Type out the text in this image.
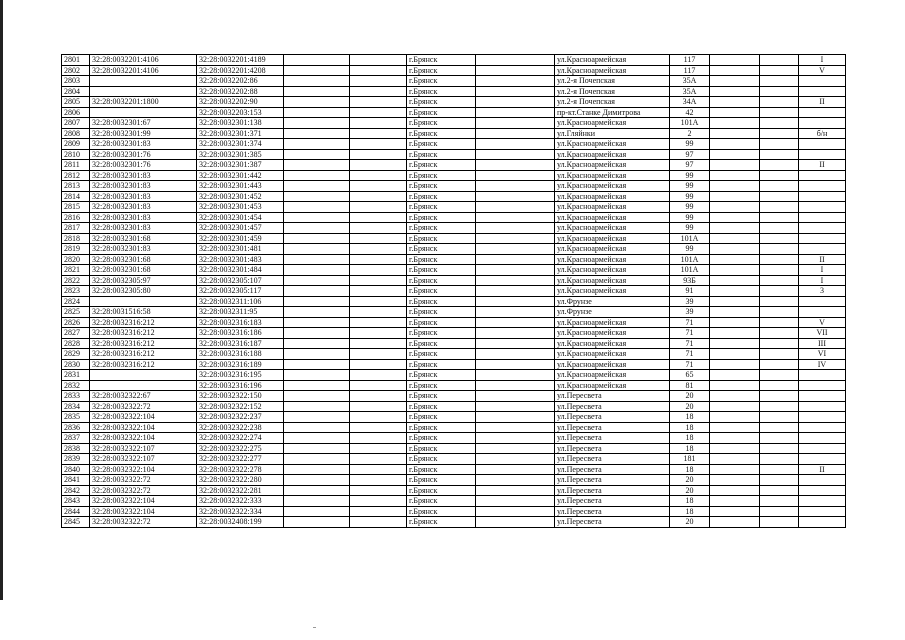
2801	32:28:0032201:4106	32:28:0032201:4189			г.Брянск		ул.Красноармейская	117			I
2802	32:28:0032201:4106	32:28:0032201:4208			г.Брянск		ул.Красноармейская	117			V
2803		32:28:0032202:86			г.Брянск		ул.2-я Почепская	35А			
2804		32:28:0032202:88			г.Брянск		ул.2-я Почепская	35А			
2805	32:28:0032201:1800	32:28:0032202:90			г.Брянск		ул.2-я Почепская	34А			II
2806		32:28:0032203:153			г.Брянск		пр-кт.Станке Димитрова	42			
2807	32:28:0032301:67	32:28:0032301:138			г.Брянск		ул.Красноармейская	101А			
2808	32:28:0032301:99	32:28:0032301:371			г.Брянск		ул.Гляйнки	2			б/н
2809	32:28:0032301:83	32:28:0032301:374			г.Брянск		ул.Красноармейская	99			
2810	32:28:0032301:76	32:28:0032301:385			г.Брянск		ул.Красноармейская	97			
2811	32:28:0032301:76	32:28:0032301:387			г.Брянск		ул.Красноармейская	97			II
2812	32:28:0032301:83	32:28:0032301:442			г.Брянск		ул.Красноармейская	99			
2813	32:28:0032301:83	32:28:0032301:443			г.Брянск		ул.Красноармейская	99			
2814	32:28:0032301:83	32:28:0032301:452			г.Брянск		ул.Красноармейская	99			
2815	32:28:0032301:83	32:28:0032301:453			г.Брянск		ул.Красноармейская	99			
2816	32:28:0032301:83	32:28:0032301:454			г.Брянск		ул.Красноармейская	99			
2817	32:28:0032301:83	32:28:0032301:457			г.Брянск		ул.Красноармейская	99			
2818	32:28:0032301:68	32:28:0032301:459			г.Брянск		ул.Красноармейская	101А			
2819	32:28:0032301:83	32:28:0032301:481			г.Брянск		ул.Красноармейская	99			
2820	32:28:0032301:68	32:28:0032301:483			г.Брянск		ул.Красноармейская	101А			II
2821	32:28:0032301:68	32:28:0032301:484			г.Брянск		ул.Красноармейская	101А			I
2822	32:28:0032305:97	32:28:0032305:107			г.Брянск		ул.Красноармейская	93Б			I
2823	32:28:0032305:80	32:28:0032305:117			г.Брянск		ул.Красноармейская	91			3
2824		32:28:0032311:106			г.Брянск		ул.Фрунзе	39			
2825	32:28:0031516:58	32:28:0032311:95			г.Брянск		ул.Фрунзе	39			
2826	32:28:0032316:212	32:28:0032316:183			г.Брянск		ул.Красноармейская	71			V
2827	32:28:0032316:212	32:28:0032316:186			г.Брянск		ул.Красноармейская	71			VII
2828	32:28:0032316:212	32:28:0032316:187			г.Брянск		ул.Красноармейская	71			III
2829	32:28:0032316:212	32:28:0032316:188			г.Брянск		ул.Красноармейская	71			VI
2830	32:28:0032316:212	32:28:0032316:189			г.Брянск		ул.Красноармейская	71			IV
2831		32:28:0032316:195			г.Брянск		ул.Красноармейская	65			
2832		32:28:0032316:196			г.Брянск		ул.Красноармейская	81			
2833	32:28:0032322:67	32:28:0032322:150			г.Брянск		ул.Пересвета	20			
2834	32:28:0032322:72	32:28:0032322:152			г.Брянск		ул.Пересвета	20			
2835	32:28:0032322:104	32:28:0032322:237			г.Брянск		ул.Пересвета	18			
2836	32:28:0032322:104	32:28:0032322:238			г.Брянск		ул.Пересвета	18			
2837	32:28:0032322:104	32:28:0032322:274			г.Брянск		ул.Пересвета	18			
2838	32:28:0032322:107	32:28:0032322:275			г.Брянск		ул.Пересвета	18			
2839	32:28:0032322:107	32:28:0032322:277			г.Брянск		ул.Пересвета	181			
2840	32:28:0032322:104	32:28:0032322:278			г.Брянск		ул.Пересвета	18			II
2841	32:28:0032322:72	32:28:0032322:280			г.Брянск		ул.Пересвета	20			
2842	32:28:0032322:72	32:28:0032322:281			г.Брянск		ул.Пересвета	20			
2843	32:28:0032322:104	32:28:0032322:333			г.Брянск		ул.Пересвета	18			
2844	32:28:0032322:104	32:28:0032322:334			г.Брянск		ул.Пересвета	18			
2845	32:28:0032322:72	32:28:0032408:199			г.Брянск		ул.Пересвета	20			
